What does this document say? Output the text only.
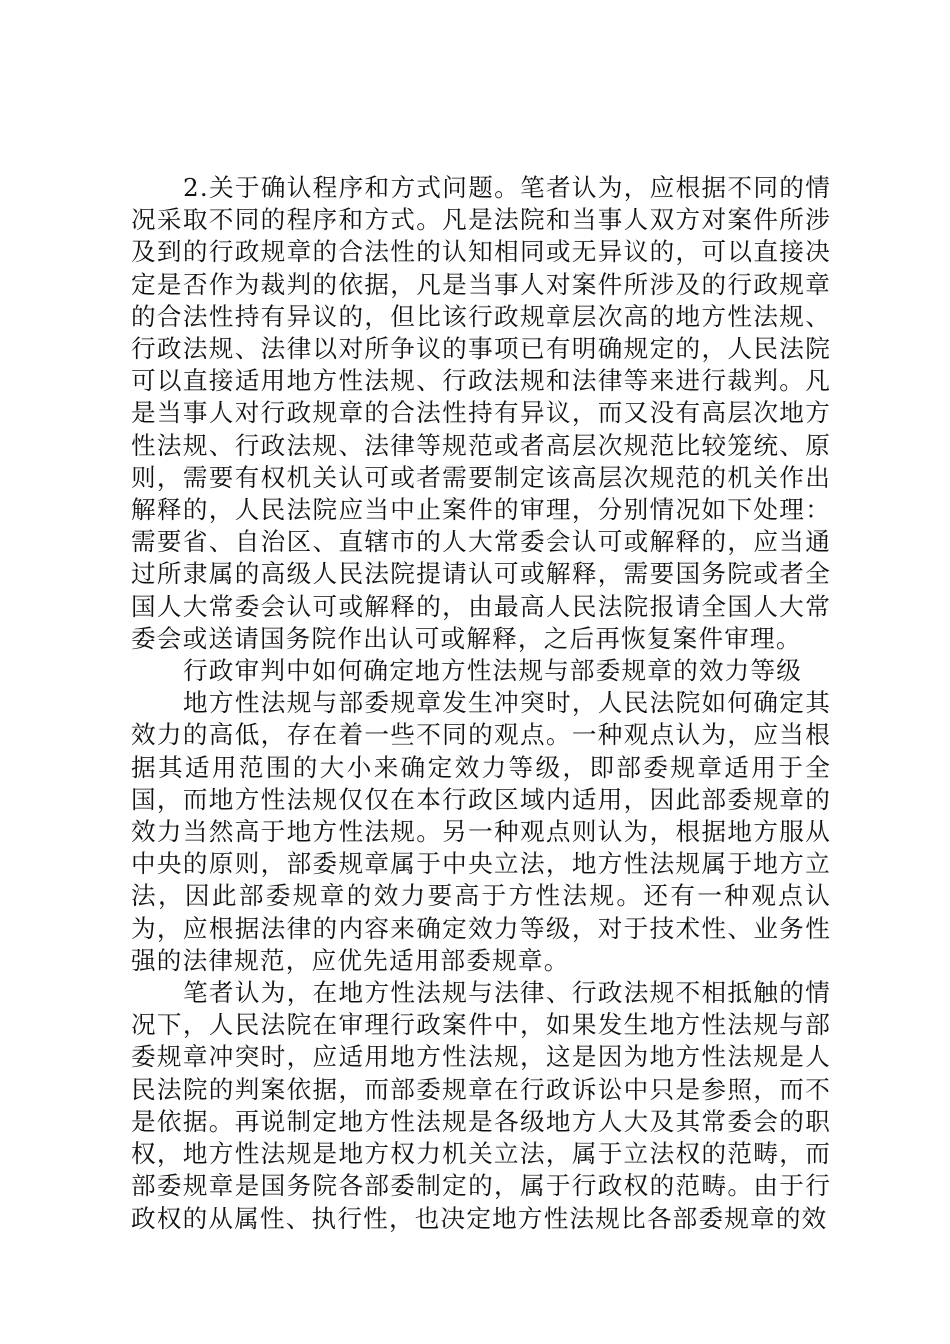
2.关于确认程序和方式问题。笔者认为，应根据不同的情况采取不同的程序和方式。凡是法院和当事人双方对案件所涉及到的行政规章的合法性的认知相同或无异议的，可以直接决定是否作为裁判的依据，凡是当事人对案件所涉及的行政规章的合法性持有异议的，但比该行政规章层次高的地方性法规、行政法规、法律以对所争议的事项已有明确规定的，人民法院可以直接适用地方性法规、行政法规和法律等来进行裁判。凡是当事人对行政规章的合法性持有异议，而又没有高层次地方性法规、行政法规、法律等规范或者高层次规范比较笼统、原则，需要有权机关认可或者需要制定该高层次规范的机关作出解释的，人民法院应当中止案件的审理，分别情况如下处理：需要省、自治区、直辖市的人大常委会认可或解释的，应当通过所隶属的高级人民法院提请认可或解释，需要国务院或者全国人大常委会认可或解释的，由最高人民法院报请全国人大常委会或送请国务院作出认可或解释，之后再恢复案件审理。

行政审判中如何确定地方性法规与部委规章的效力等级

地方性法规与部委规章发生冲突时，人民法院如何确定其效力的高低，存在着一些不同的观点。一种观点认为，应当根据其适用范围的大小来确定效力等级，即部委规章适用于全国，而地方性法规仅仅在本行政区域内适用，因此部委规章的效力当然高于地方性法规。另一种观点则认为，根据地方服从中央的原则，部委规章属于中央立法，地方性法规属于地方立法，因此部委规章的效力要高于方性法规。还有一种观点认为，应根据法律的内容来确定效力等级，对于技术性、业务性强的法律规范，应优先适用部委规章。

笔者认为，在地方性法规与法律、行政法规不相抵触的情况下，人民法院在审理行政案件中，如果发生地方性法规与部委规章冲突时，应适用地方性法规，这是因为地方性法规是人民法院的判案依据，而部委规章在行政诉讼中只是参照，而不是依据。再说制定地方性法规是各级地方人大及其常委会的职权，地方性法规是地方权力机关立法，属于立法权的范畴，而部委规章是国务院各部委制定的，属于行政权的范畴。由于行政权的从属性、执行性，也决定地方性法规比各部委规章的效
